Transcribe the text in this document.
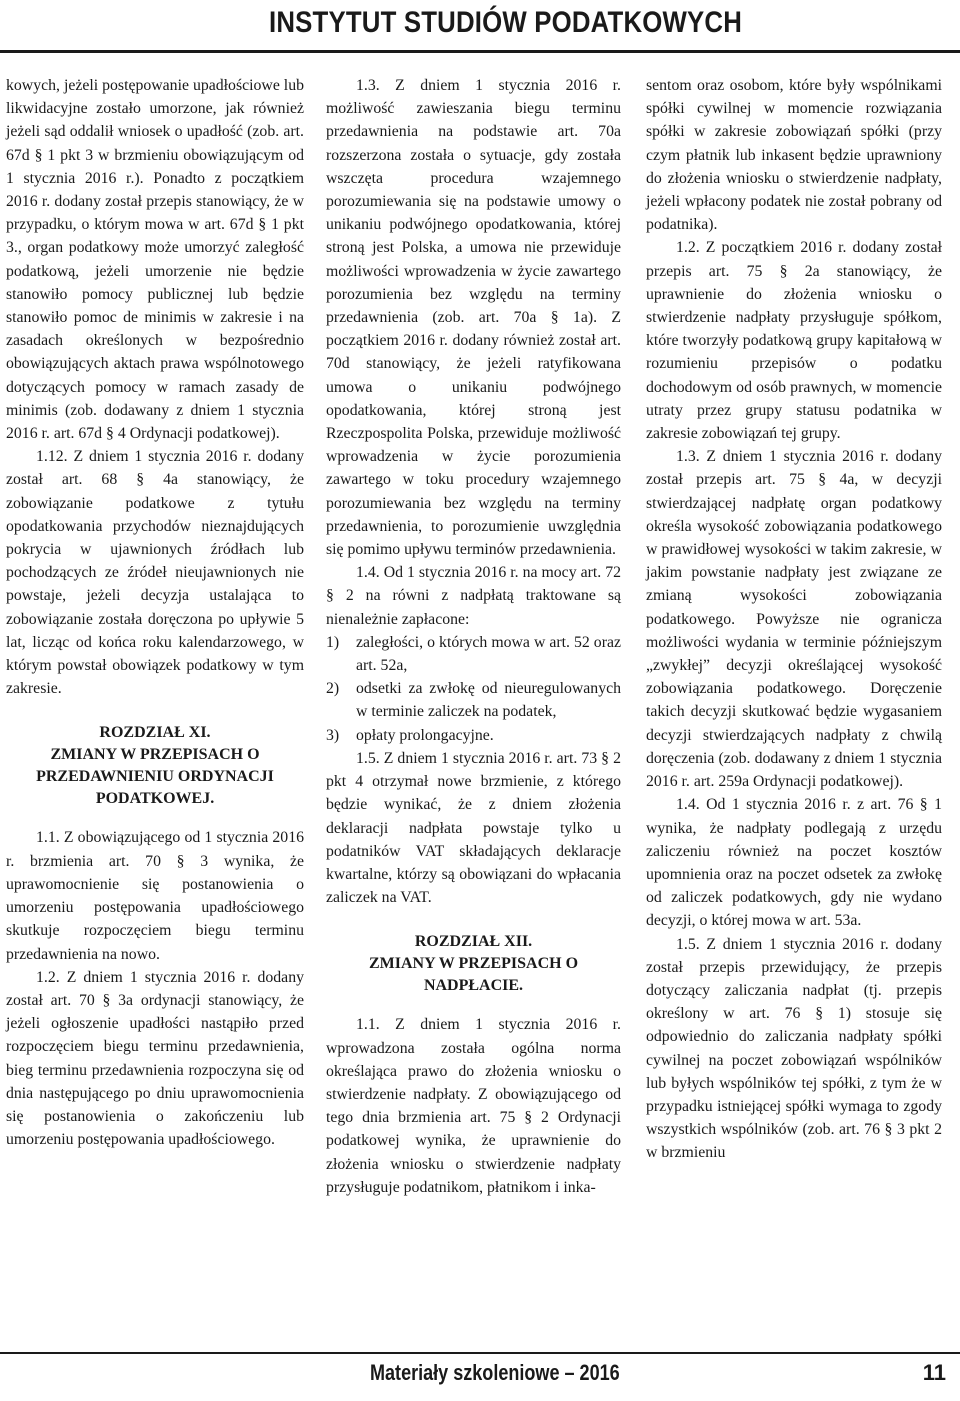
INSTYTUT STUDIÓW PODATKOWYCH

kowych, jeżeli postępowanie upadłościowe lub likwidacyjne zostało umorzone, jak również jeżeli sąd oddalił wniosek o upadłość (zob. art. 67d § 1 pkt 3 w brzmieniu obowiązującym od 1 stycznia 2016 r.). Ponadto z początkiem 2016 r. dodany został przepis stanowiący, że w przypadku, o którym mowa w art. 67d § 1 pkt 3., organ podatkowy może umorzyć zaległość podatkową, jeżeli umorzenie nie będzie stanowiło pomocy publicznej lub będzie stanowiło pomoc de minimis w zakresie i na zasadach określonych w bezpośrednio obowiązujących aktach prawa wspólnotowego dotyczących pomocy w ramach zasady de minimis (zob. dodawany z dniem 1 stycznia 2016 r. art. 67d § 4 Ordynacji podatkowej).

1.12. Z dniem 1 stycznia 2016 r. dodany został art. 68 § 4a stanowiący, że zobowiązanie podatkowe z tytułu opodatkowania przychodów nieznajdujących pokrycia w ujawnionych źródłach lub pochodzących ze źródeł nieujawnionych nie powstaje, jeżeli decyzja ustalająca to zobowiązanie została doręczona po upływie 5 lat, licząc od końca roku kalendarzowego, w którym powstał obowiązek podatkowy w tym zakresie.

ROZDZIAŁ XI.
ZMIANY W PRZEPISACH O PRZEDAWNIENIU ORDYNACJI PODATKOWEJ.

1.1. Z obowiązującego od 1 stycznia 2016 r. brzmienia art. 70 § 3 wynika, że uprawomocnienie się postanowienia o umorzeniu postępowania upadłościowego skutkuje rozpoczęciem biegu terminu przedawnienia na nowo.

1.2. Z dniem 1 stycznia 2016 r. dodany został art. 70 § 3a ordynacji stanowiący, że jeżeli ogłoszenie upadłości nastąpiło przed rozpoczęciem biegu terminu przedawnienia, bieg terminu przedawnienia rozpoczyna się od dnia następującego po dniu uprawomocnienia się postanowienia o zakończeniu lub umorzeniu postępowania upadłościowego.

1.3. Z dniem 1 stycznia 2016 r. możliwość zawieszania biegu terminu przedawnienia na podstawie art. 70a rozszerzona została o sytuacje, gdy została wszczęta procedura wzajemnego porozumiewania się na podstawie umowy o unikaniu podwójnego opodatkowania, której stroną jest Polska, a umowa nie przewiduje możliwości wprowadzenia w życie zawartego porozumienia bez względu na terminy przedawnienia (zob. art. 70a § 1a). Z początkiem 2016 r. dodany również został art. 70d stanowiący, że jeżeli ratyfikowana umowa o unikaniu podwójnego opodatkowania, której stroną jest Rzeczpospolita Polska, przewiduje możliwość wprowadzenia w życie porozumienia zawartego w toku procedury wzajemnego porozumiewania bez względu na terminy przedawnienia, to porozumienie uwzględnia się pomimo upływu terminów przedawnienia.

1.4. Od 1 stycznia 2016 r. na mocy art. 72 § 2 na równi z nadpłatą traktowane są nienależnie zapłacone:

1) zaległości, o których mowa w art. 52 oraz art. 52a,
2) odsetki za zwłokę od nieuregulowanych w terminie zaliczek na podatek,
3) opłaty prolongacyjne.

1.5. Z dniem 1 stycznia 2016 r. art. 73 § 2 pkt 4 otrzymał nowe brzmienie, z którego będzie wynikać, że z dniem złożenia deklaracji nadpłata powstaje tylko u podatników VAT składających deklaracje kwartalne, którzy są obowiązani do wpłacania zaliczek na VAT.

ROZDZIAŁ XII.
ZMIANY W PRZEPISACH O NADPŁACIE.

1.1. Z dniem 1 stycznia 2016 r. wprowadzona została ogólna norma określająca prawo do złożenia wniosku o stwierdzenie nadpłaty. Z obowiązującego od tego dnia brzmienia art. 75 § 2 Ordynacji podatkowej wynika, że uprawnienie do złożenia wniosku o stwierdzenie nadpłaty przysługuje podatnikom, płatnikom i inka-

sentom oraz osobom, które były wspólnikami spółki cywilnej w momencie rozwiązania spółki w zakresie zobowiązań spółki (przy czym płatnik lub inkasent będzie uprawniony do złożenia wniosku o stwierdzenie nadpłaty, jeżeli wpłacony podatek nie został pobrany od podatnika).

1.2. Z początkiem 2016 r. dodany został przepis art. 75 § 2a stanowiący, że uprawnienie do złożenia wniosku o stwierdzenie nadpłaty przysługuje spółkom, które tworzyły podatkową grupy kapitałową w rozumieniu przepisów o podatku dochodowym od osób prawnych, w momencie utraty przez grupy statusu podatnika w zakresie zobowiązań tej grupy.

1.3. Z dniem 1 stycznia 2016 r. dodany został przepis art. 75 § 4a, w decyzji stwierdzającej nadpłatę organ podatkowy określa wysokość zobowiązania podatkowego w prawidłowej wysokości w takim zakresie, w jakim powstanie nadpłaty jest związane ze zmianą wysokości zobowiązania podatkowego. Powyższe nie ogranicza możliwości wydania w terminie późniejszym „zwykłej” decyzji określającej wysokość zobowiązania podatkowego. Doręczenie takich decyzji skutkować będzie wygasaniem decyzji stwierdzających nadpłaty z chwilą doręczenia (zob. dodawany z dniem 1 stycznia 2016 r. art. 259a Ordynacji podatkowej).

1.4. Od 1 stycznia 2016 r. z art. 76 § 1 wynika, że nadpłaty podlegają z urzędu zaliczeniu również na poczet kosztów upomnienia oraz na poczet odsetek za zwłokę od zaliczek podatkowych, gdy nie wydano decyzji, o której mowa w art. 53a.

1.5. Z dniem 1 stycznia 2016 r. dodany został przepis przewidujący, że przepis dotyczący zaliczania nadpłat (tj. przepis określony w art. 76 § 1) stosuje się odpowiednio do zaliczania nadpłaty spółki cywilnej na poczet zobowiązań wspólników lub byłych wspólników tej spółki, z tym że w przypadku istniejącej spółki wymaga to zgody wszystkich wspólników (zob. art. 76 § 3 pkt 2 w brzmieniu

Materiały szkoleniowe – 2016	11
